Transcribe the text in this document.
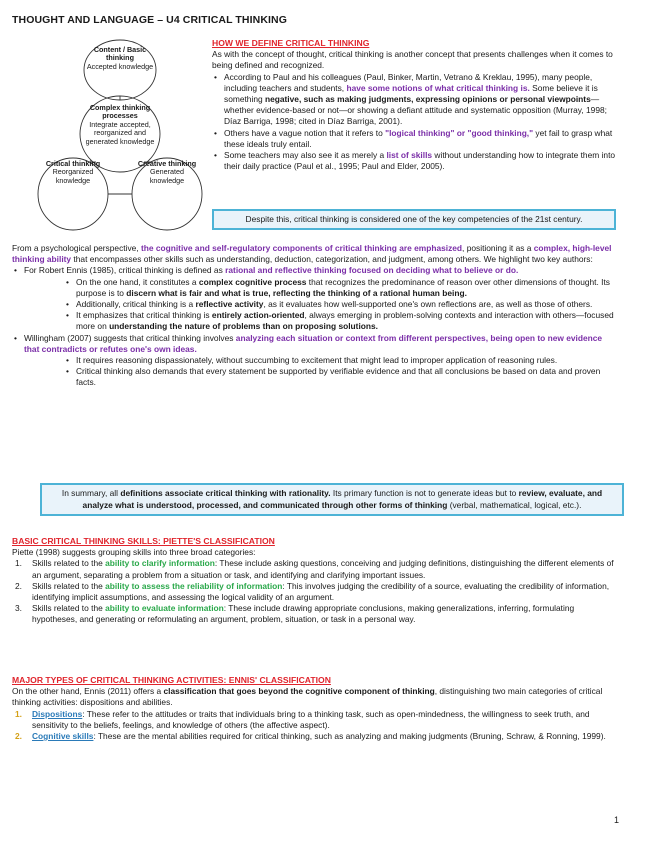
THOUGHT AND LANGUAGE – U4 CRITICAL THINKING
Content / Basic thinking
Accepted knowledge
Complex thinking processes
Integrate accepted, reorganized and generated knowledge
Critical thinking
Reorganized knowledge
Creative thinking
Generated knowledge
HOW WE DEFINE CRITICAL THINKING

As with the concept of thought, critical thinking is another concept that presents challenges when it comes to being defined and recognized.

• According to Paul and his colleagues (Paul, Binker, Martin, Vetrano & Kreklau, 1995), many people, including teachers and students, have some notions of what critical thinking is. Some believe it is something negative, such as making judgments, expressing opinions or personal viewpoints—whether evidence-based or not—or showing a defiant attitude and systematic opposition (Murray, 1998; Díaz Barriga, 1998; cited in Díaz Barriga, 2001).
• Others have a vague notion that it refers to "logical thinking" or "good thinking," yet fail to grasp what these ideals truly entail.
• Some teachers may also see it as merely a list of skills without understanding how to integrate them into their daily practice (Paul et al., 1995; Paul and Elder, 2005).
Despite this, critical thinking is considered one of the key competencies of the 21st century.

From a psychological perspective, the cognitive and self-regulatory components of critical thinking are emphasized, positioning it as a complex, high-level thinking ability that encompasses other skills such as understanding, deduction, categorization, and judgment, among others. We highlight two key authors:

• For Robert Ennis (1985), critical thinking is defined as rational and reflective thinking focused on deciding what to believe or do.
• On the one hand, it constitutes a complex cognitive process that recognizes the predominance of reason over other dimensions of thought. Its purpose is to discern what is fair and what is true, reflecting the thinking of a rational human being.
• Additionally, critical thinking is a reflective activity, as it evaluates how well-supported one's own reflections are, as well as those of others.
• It emphasizes that critical thinking is entirely action-oriented, always emerging in problem-solving contexts and interaction with others—focused more on understanding the nature of problems than on proposing solutions.
• Willingham (2007) suggests that critical thinking involves analyzing each situation or context from different perspectives, being open to new evidence that contradicts or refutes one's own ideas.
• It requires reasoning dispassionately, without succumbing to excitement that might lead to improper application of reasoning rules.
• Critical thinking also demands that every statement be supported by verifiable evidence and that all conclusions be based on data and proven facts.
In summary, all definitions associate critical thinking with rationality. Its primary function is not to generate ideas but to review, evaluate, and analyze what is understood, processed, and communicated through other forms of thinking (verbal, mathematical, logical, etc.).
BASIC CRITICAL THINKING SKILLS: PIETTE'S CLASSIFICATION

Piette (1998) suggests grouping skills into three broad categories:

1. Skills related to the ability to clarify information: These include asking questions, conceiving and judging definitions, distinguishing the different elements of an argument, separating a problem from a situation or task, and identifying and clarifying important issues.
2. Skills related to the ability to assess the reliability of information: This involves judging the credibility of a source, evaluating the credibility of information, identifying implicit assumptions, and assessing the logical validity of an argument.
3. Skills related to the ability to evaluate information: These include drawing appropriate conclusions, making generalizations, inferring, formulating hypotheses, and generating or reformulating an argument, problem, situation, or task in a personal way.
MAJOR TYPES OF CRITICAL THINKING ACTIVITIES: ENNIS' CLASSIFICATION

On the other hand, Ennis (2011) offers a classification that goes beyond the cognitive component of thinking, distinguishing two main categories of critical thinking activities: dispositions and abilities.

1. Dispositions: These refer to the attitudes or traits that individuals bring to a thinking task, such as open-mindedness, the willingness to seek truth, and sensitivity to the beliefs, feelings, and knowledge of others (the affective aspect).
2. Cognitive skills: These are the mental abilities required for critical thinking, such as analyzing and making judgments (Bruning, Schraw, & Ronning, 1999).
1
